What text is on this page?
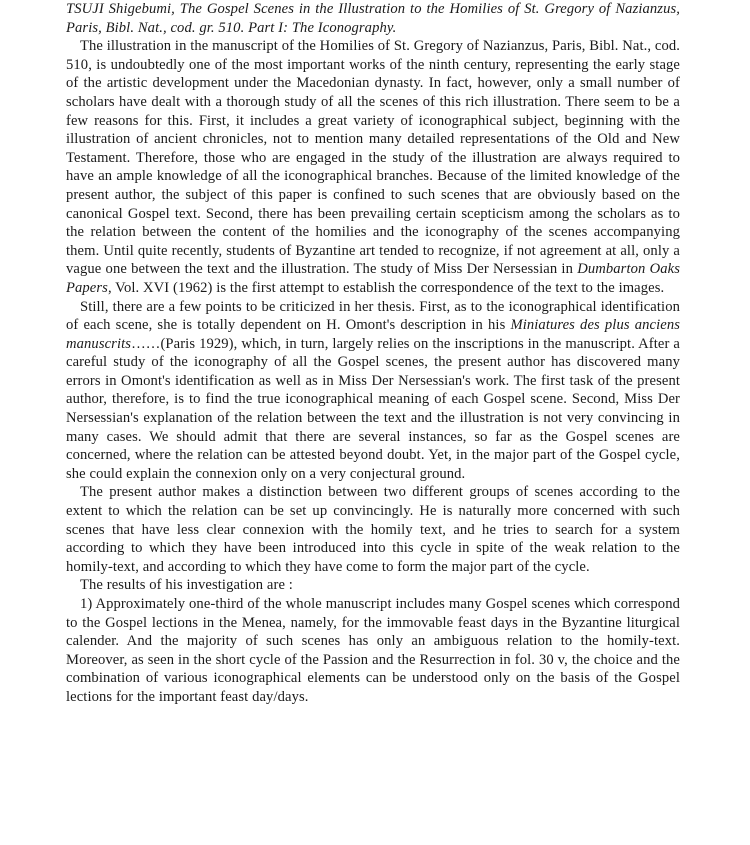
TSUJI Shigebumi, The Gospel Scenes in the Illustration to the Homilies of St. Gregory of Nazianzus, Paris, Bibl. Nat., cod. gr. 510. Part I: The Iconography.

The illustration in the manuscript of the Homilies of St. Gregory of Nazianzus, Paris, Bibl. Nat., cod. 510, is undoubtedly one of the most important works of the ninth century, representing the early stage of the artistic development under the Macedonian dynasty. In fact, however, only a small number of scholars have dealt with a thorough study of all the scenes of this rich illustration. There seem to be a few reasons for this. First, it includes a great variety of iconographical subject, beginning with the illustration of ancient chronicles, not to mention many detailed representations of the Old and New Testament. Therefore, those who are engaged in the study of the illustration are always required to have an ample knowledge of all the iconographical branches. Because of the limited knowledge of the present author, the subject of this paper is confined to such scenes that are obviously based on the canonical Gospel text. Second, there has been prevailing certain scepticism among the scholars as to the relation between the content of the homilies and the iconography of the scenes accompanying them. Until quite recently, students of Byzantine art tended to recognize, if not agreement at all, only a vague one between the text and the illustration. The study of Miss Der Nersessian in Dumbarton Oaks Papers, Vol. XVI (1962) is the first attempt to establish the correspondence of the text to the images.

Still, there are a few points to be criticized in her thesis. First, as to the iconographical identification of each scene, she is totally dependent on H. Omont's description in his Miniatures des plus anciens manuscrits……(Paris 1929), which, in turn, largely relies on the inscriptions in the manuscript. After a careful study of the iconography of all the Gospel scenes, the present author has discovered many errors in Omont's identification as well as in Miss Der Nersessian's work. The first task of the present author, therefore, is to find the true iconographical meaning of each Gospel scene. Second, Miss Der Nersessian's explanation of the relation between the text and the illustration is not very convincing in many cases. We should admit that there are several instances, so far as the Gospel scenes are concerned, where the relation can be attested beyond doubt. Yet, in the major part of the Gospel cycle, she could explain the connexion only on a very conjectural ground.

The present author makes a distinction between two different groups of scenes according to the extent to which the relation can be set up convincingly. He is naturally more concerned with such scenes that have less clear connexion with the homily text, and he tries to search for a system according to which they have been introduced into this cycle in spite of the weak relation to the homily-text, and according to which they have come to form the major part of the cycle.

The results of his investigation are :

1) Approximately one-third of the whole manuscript includes many Gospel scenes which correspond to the Gospel lections in the Menea, namely, for the immovable feast days in the Byzantine liturgical calender. And the majority of such scenes has only an ambiguous relation to the homily-text. Moreover, as seen in the short cycle of the Passion and the Resurrection in fol. 30 v, the choice and the combination of various iconographical elements can be understood only on the basis of the Gospel lections for the important feast day/days.
